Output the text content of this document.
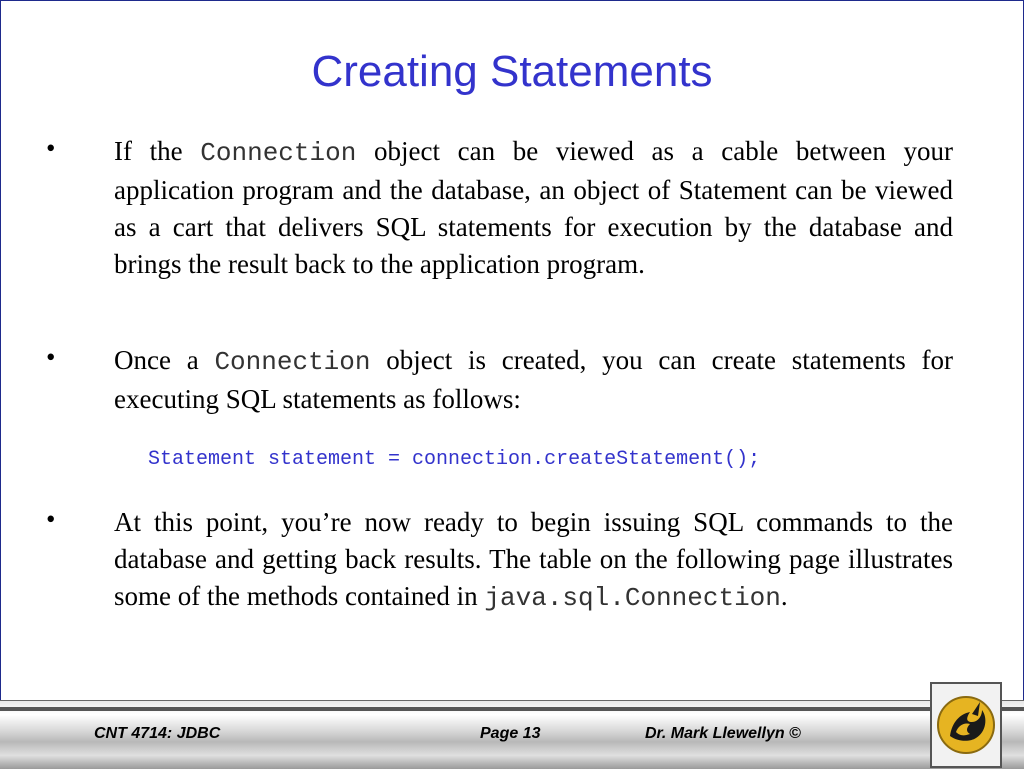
Creating Statements
• If the Connection object can be viewed as a cable between your application program and the database, an object of Statement can be viewed as a cart that delivers SQL statements for execution by the database and brings the result back to the application program.
• Once a Connection object is created, you can create statements for executing SQL statements as follows:
Statement statement = connection.createStatement();
• At this point, you’re now ready to begin issuing SQL commands to the database and getting back results. The table on the following page illustrates some of the methods contained in java.sql.Connection.
CNT 4714: JDBC	Page 13	Dr. Mark Llewellyn ©
